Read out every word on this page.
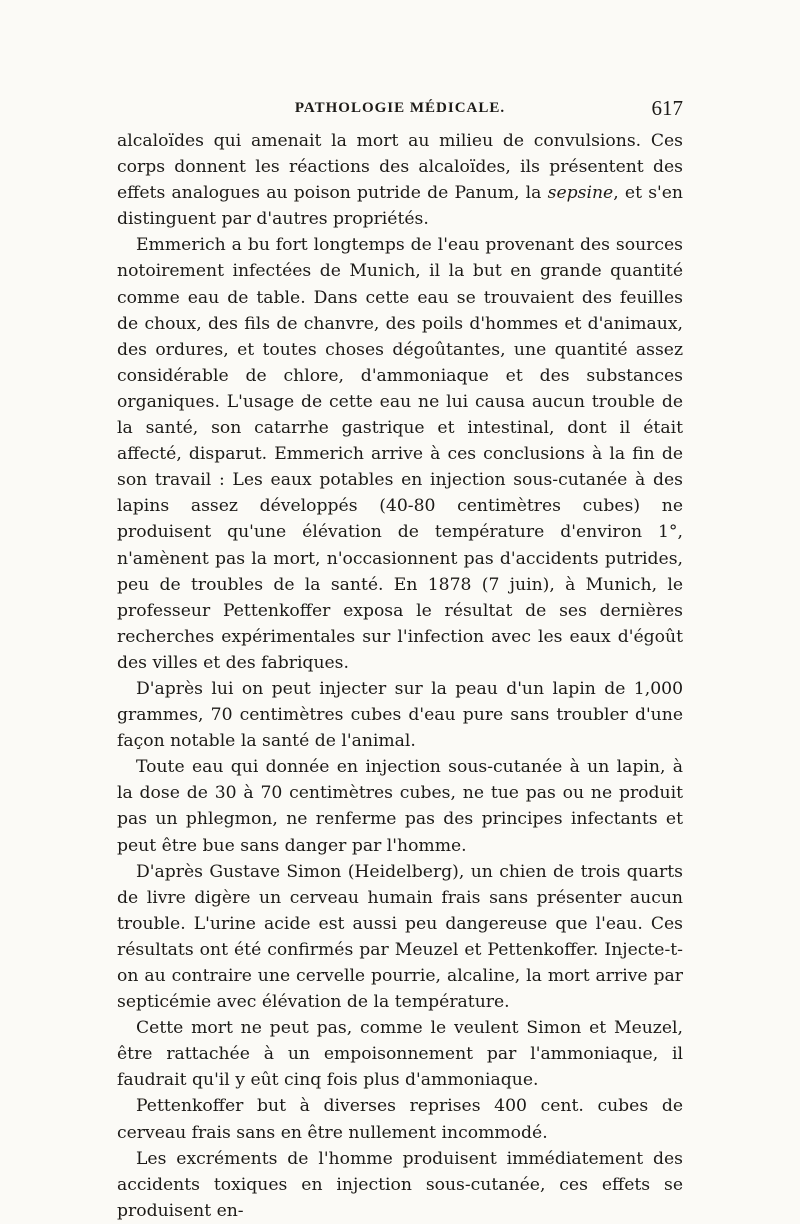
PATHOLOGIE MÉDICALE.	617

alcaloïdes qui amenait la mort au milieu de convulsions. Ces corps donnent les réactions des alcaloïdes, ils présentent des effets analogues au poison putride de Panum, la sepsine, et s'en distinguent par d'autres propriétés.

Emmerich a bu fort longtemps de l'eau provenant des sources notoirement infectées de Munich, il la but en grande quantité comme eau de table. Dans cette eau se trouvaient des feuilles de choux, des fils de chanvre, des poils d'hommes et d'animaux, des ordures, et toutes choses dégoûtantes, une quantité assez considérable de chlore, d'ammoniaque et des substances organiques. L'usage de cette eau ne lui causa aucun trouble de la santé, son catarrhe gastrique et intestinal, dont il était affecté, disparut. Emmerich arrive à ces conclusions à la fin de son travail : Les eaux potables en injection sous-cutanée à des lapins assez développés (40-80 centimètres cubes) ne produisent qu'une élévation de température d'environ 1°, n'amènent pas la mort, n'occasionnent pas d'accidents putrides, peu de troubles de la santé. En 1878 (7 juin), à Munich, le professeur Pettenkoffer exposa le résultat de ses dernières recherches expérimentales sur l'infection avec les eaux d'égoût des villes et des fabriques.

D'après lui on peut injecter sur la peau d'un lapin de 1,000 grammes, 70 centimètres cubes d'eau pure sans troubler d'une façon notable la santé de l'animal.

Toute eau qui donnée en injection sous-cutanée à un lapin, à la dose de 30 à 70 centimètres cubes, ne tue pas ou ne produit pas un phlegmon, ne renferme pas des principes infectants et peut être bue sans danger par l'homme.

D'après Gustave Simon (Heidelberg), un chien de trois quarts de livre digère un cerveau humain frais sans présenter aucun trouble. L'urine acide est aussi peu dangereuse que l'eau. Ces résultats ont été confirmés par Meuzel et Pettenkoffer. Injecte-t-on au contraire une cervelle pourrie, alcaline, la mort arrive par septicémie avec élévation de la température.

Cette mort ne peut pas, comme le veulent Simon et Meuzel, être rattachée à un empoisonnement par l'ammoniaque, il faudrait qu'il y eût cinq fois plus d'ammoniaque.

Pettenkoffer but à diverses reprises 400 cent. cubes de cerveau frais sans en être nullement incommodé.

Les excréments de l'homme produisent immédiatement des accidents toxiques en injection sous-cutanée, ces effets se produisent en-
